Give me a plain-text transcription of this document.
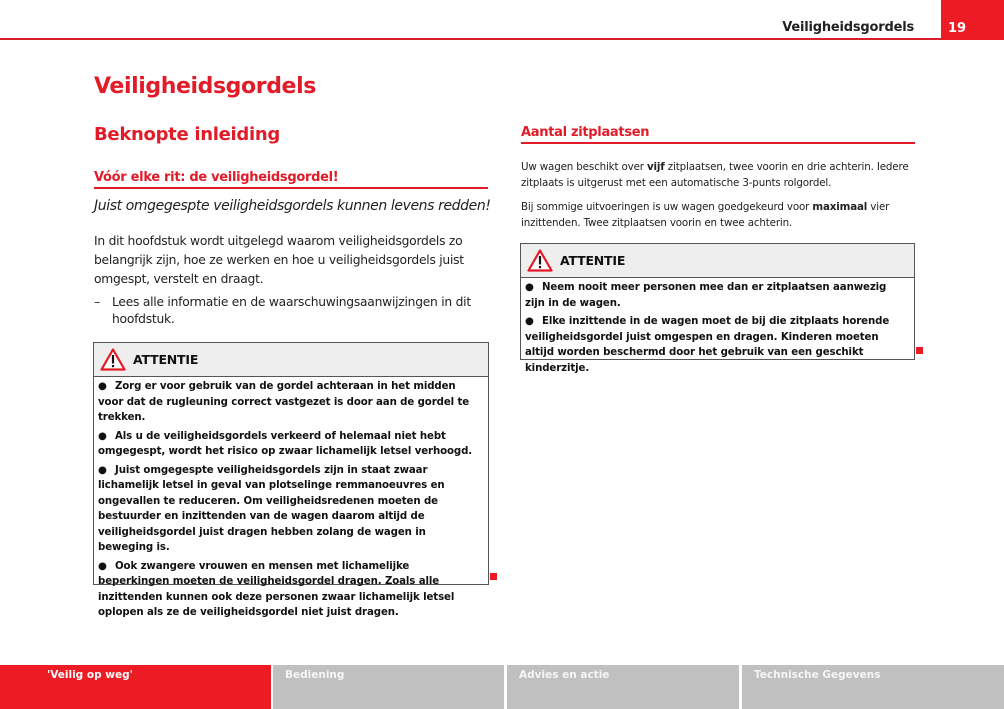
Veiligheidsgordels	19
Veiligheidsgordels
Beknopte inleiding
Vóór elke rit: de veiligheidsgordel!
Juist omgegespte veiligheidsgordels kunnen levens redden!
In dit hoofdstuk wordt uitgelegd waarom veiligheidsgordels zo belangrijk zijn, hoe ze werken en hoe u veiligheidsgordels juist omgespt, verstelt en draagt.
– Lees alle informatie en de waarschuwingsaanwijzingen in dit hoofdstuk.
ATTENTIE
● Zorg er voor gebruik van de gordel achteraan in het midden voor dat de rugleuning correct vastgezet is door aan de gordel te trekken.
● Als u de veiligheidsgordels verkeerd of helemaal niet hebt omgegespt, wordt het risico op zwaar lichamelijk letsel verhoogd.
● Juist omgegespte veiligheidsgordels zijn in staat zwaar lichamelijk letsel in geval van plotselinge remmanoeuvres en ongevallen te reduceren. Om veiligheidsredenen moeten de bestuurder en inzittenden van de wagen daarom altijd de veiligheidsgordel juist dragen hebben zolang de wagen in beweging is.
● Ook zwangere vrouwen en mensen met lichamelijke beperkingen moeten de veiligheidsgordel dragen. Zoals alle inzittenden kunnen ook deze personen zwaar lichamelijk letsel oplopen als ze de veiligheidsgordel niet juist dragen.
Aantal zitplaatsen
Uw wagen beschikt over vijf zitplaatsen, twee voorin en drie achterin. Iedere zitplaats is uitgerust met een automatische 3-punts rolgordel.
Bij sommige uitvoeringen is uw wagen goedgekeurd voor maximaal vier inzittenden. Twee zitplaatsen voorin en twee achterin.
ATTENTIE
● Neem nooit meer personen mee dan er zitplaatsen aanwezig zijn in de wagen.
● Elke inzittende in de wagen moet de bij die zitplaats horende veiligheidsgordel juist omgespen en dragen. Kinderen moeten altijd worden beschermd door het gebruik van een geschikt kinderzitje.
'Veilig op weg'	Bediening	Advies en actie	Technische Gegevens
